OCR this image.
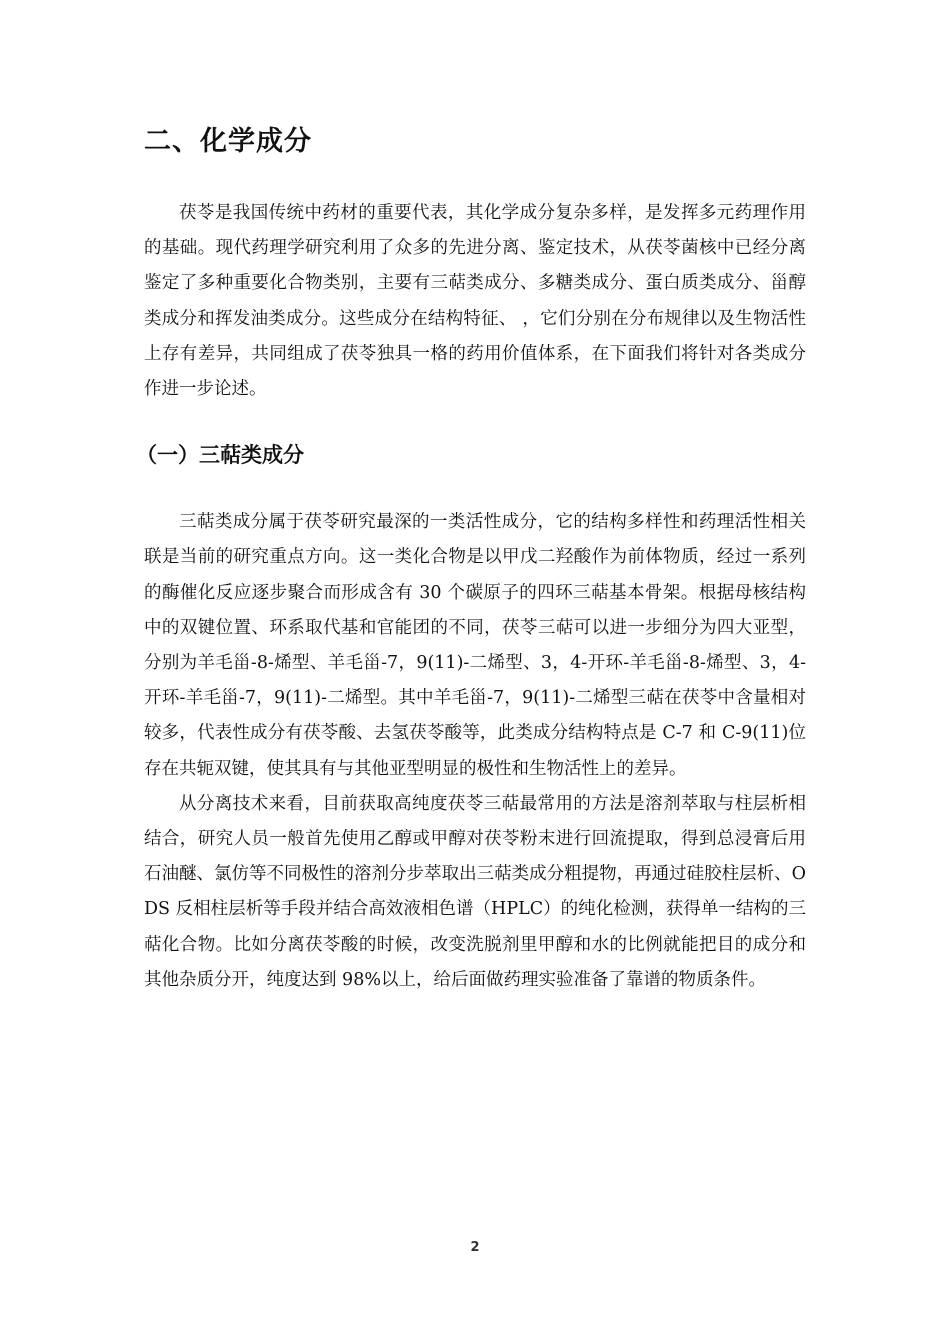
二、化学成分

茯苓是我国传统中药材的重要代表，其化学成分复杂多样，是发挥多元药理作用的基础。现代药理学研究利用了众多的先进分离、鉴定技术，从茯苓菌核中已经分离鉴定了多种重要化合物类别，主要有三萜类成分、多糖类成分、蛋白质类成分、甾醇类成分和挥发油类成分。这些成分在结构特征、 ，它们分别在分布规律以及生物活性上存有差异，共同组成了茯苓独具一格的药用价值体系，在下面我们将针对各类成分作进一步论述。

（一）三萜类成分

三萜类成分属于茯苓研究最深的一类活性成分，它的结构多样性和药理活性相关联是当前的研究重点方向。这一类化合物是以甲戊二羟酸作为前体物质，经过一系列的酶催化反应逐步聚合而形成含有 30 个碳原子的四环三萜基本骨架。根据母核结构中的双键位置、环系取代基和官能团的不同，茯苓三萜可以进一步细分为四大亚型，分别为羊毛甾-8-烯型、羊毛甾-7，9(11)-二烯型、3，4-开环-羊毛甾-8-烯型、3，4-开环-羊毛甾-7，9(11)-二烯型。其中羊毛甾-7，9(11)-二烯型三萜在茯苓中含量相对较多，代表性成分有茯苓酸、去氢茯苓酸等，此类成分结构特点是 C-7 和 C-9(11)位存在共轭双键，使其具有与其他亚型明显的极性和生物活性上的差异。

从分离技术来看，目前获取高纯度茯苓三萜最常用的方法是溶剂萃取与柱层析相结合，研究人员一般首先使用乙醇或甲醇对茯苓粉末进行回流提取，得到总浸膏后用石油醚、氯仿等不同极性的溶剂分步萃取出三萜类成分粗提物，再通过硅胶柱层析、ODS 反相柱层析等手段并结合高效液相色谱（HPLC）的纯化检测，获得单一结构的三萜化合物。比如分离茯苓酸的时候，改变洗脱剂里甲醇和水的比例就能把目的成分和其他杂质分开，纯度达到 98%以上，给后面做药理实验准备了靠谱的物质条件。

2
